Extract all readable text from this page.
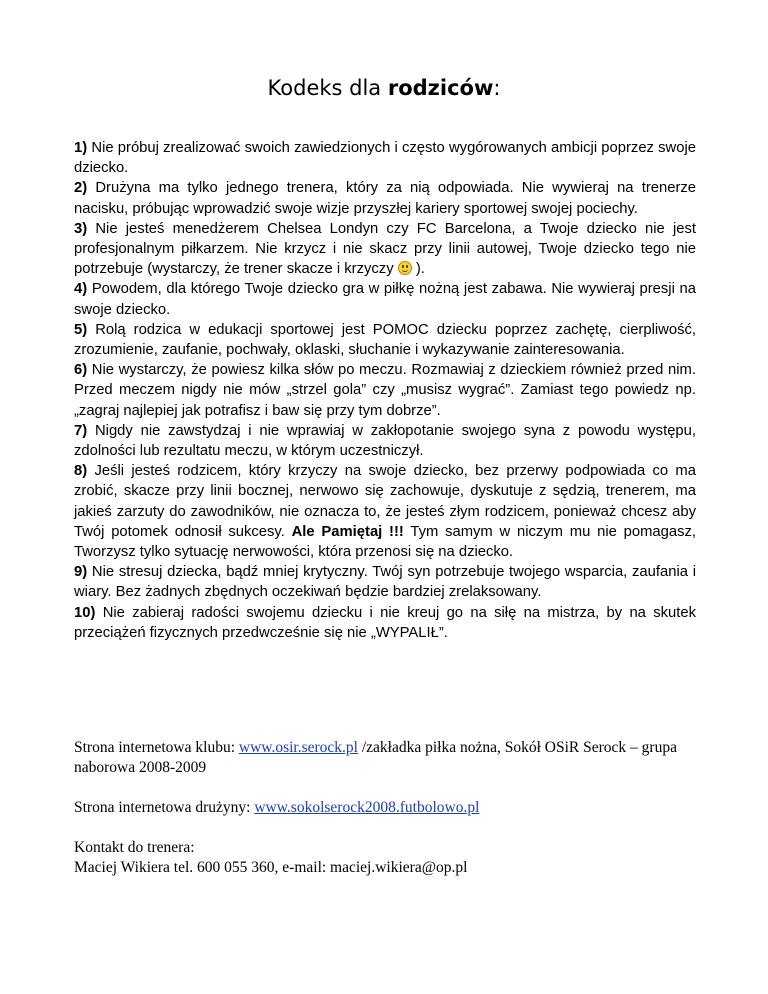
Kodeks dla rodziców:

1) Nie próbuj zrealizować swoich zawiedzionych i często wygórowanych ambicji poprzez swoje dziecko.

2) Drużyna ma tylko jednego trenera, który za nią odpowiada. Nie wywieraj na trenerze nacisku, próbując wprowadzić swoje wizje przyszłej kariery sportowej swojej pociechy.

3) Nie jesteś menedżerem Chelsea Londyn czy FC Barcelona, a Twoje dziecko nie jest profesjonalnym piłkarzem. Nie krzycz i nie skacz przy linii autowej, Twoje dziecko tego nie potrzebuje (wystarczy, że trener skacze i krzyczy ).

4) Powodem, dla którego Twoje dziecko gra w piłkę nożną jest zabawa. Nie wywieraj presji na swoje dziecko.

5) Rolą rodzica w edukacji sportowej jest POMOC dziecku poprzez zachętę, cierpliwość, zrozumienie, zaufanie, pochwały, oklaski, słuchanie i wykazywanie zainteresowania.

6) Nie wystarczy, że powiesz kilka słów po meczu. Rozmawiaj z dzieckiem również przed nim. Przed meczem nigdy nie mów „strzel gola” czy „musisz wygrać”. Zamiast tego powiedz np. „zagraj najlepiej jak potrafisz i baw się przy tym dobrze”.

7) Nigdy nie zawstydzaj i nie wprawiaj w zakłopotanie swojego syna z powodu występu, zdolności lub rezultatu meczu, w którym uczestniczył.

8) Jeśli jesteś rodzicem, który krzyczy na swoje dziecko, bez przerwy podpowiada co ma zrobić, skacze przy linii bocznej, nerwowo się zachowuje, dyskutuje z sędzią, trenerem, ma jakieś zarzuty do zawodników, nie oznacza to, że jesteś złym rodzicem, ponieważ chcesz aby Twój potomek odnosił sukcesy. Ale Pamiętaj !!! Tym samym w niczym mu nie pomagasz, Tworzysz tylko sytuację nerwowości, która przenosi się na dziecko.

9) Nie stresuj dziecka, bądź mniej krytyczny. Twój syn potrzebuje twojego wsparcia, zaufania i wiary. Bez żadnych zbędnych oczekiwań będzie bardziej zrelaksowany.

10) Nie zabieraj radości swojemu dziecku i nie kreuj go na siłę na mistrza, by na skutek przeciążeń fizycznych przedwcześnie się nie „WYPALIŁ”.

Strona internetowa klubu: www.osir.serock.pl /zakładka piłka nożna, Sokół OSiR Serock – grupa naborowa 2008-2009

Strona internetowa drużyny: www.sokolserock2008.futbolowo.pl

Kontakt do trenera:

Maciej Wikiera tel. 600 055 360, e-mail: maciej.wikiera@op.pl
